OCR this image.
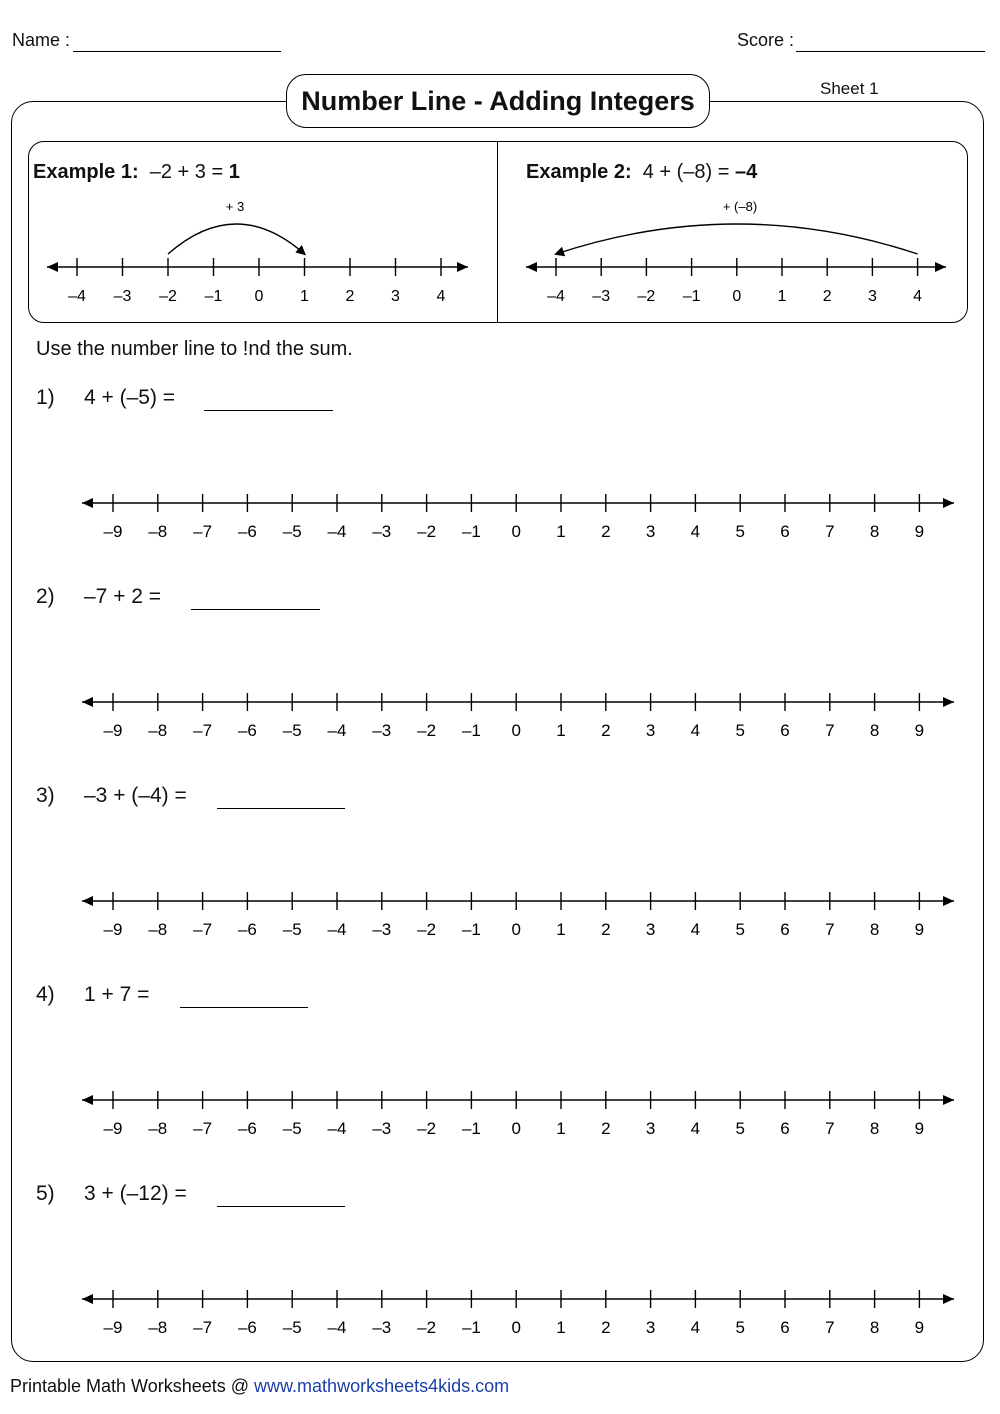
Name :	Score :
Number Line - Adding Integers	Sheet 1
Example 1: –2 + 3 = 1	Example 2: 4 + (–8) = –4
–4 –3 –2 –1 0 1 2 3 4	–4 –3 –2 –1 0 1 2 3 4
+ 3	+ (–8)
Use the number line to !nd the sum.
1) 4 + (–5) =
2) –7 + 2 =
3) –3 + (–4) =
4) 1 + 7 =
5) 3 + (–12) =
–9 –8 –7 –6 –5 –4 –3 –2 –1 0 1 2 3 4 5 6 7 8 9
–9 –8 –7 –6 –5 –4 –3 –2 –1 0 1 2 3 4 5 6 7 8 9
–9 –8 –7 –6 –5 –4 –3 –2 –1 0 1 2 3 4 5 6 7 8 9
–9 –8 –7 –6 –5 –4 –3 –2 –1 0 1 2 3 4 5 6 7 8 9
–9 –8 –7 –6 –5 –4 –3 –2 –1 0 1 2 3 4 5 6 7 8 9
Printable Math Worksheets @ www.mathworksheets4kids.com
